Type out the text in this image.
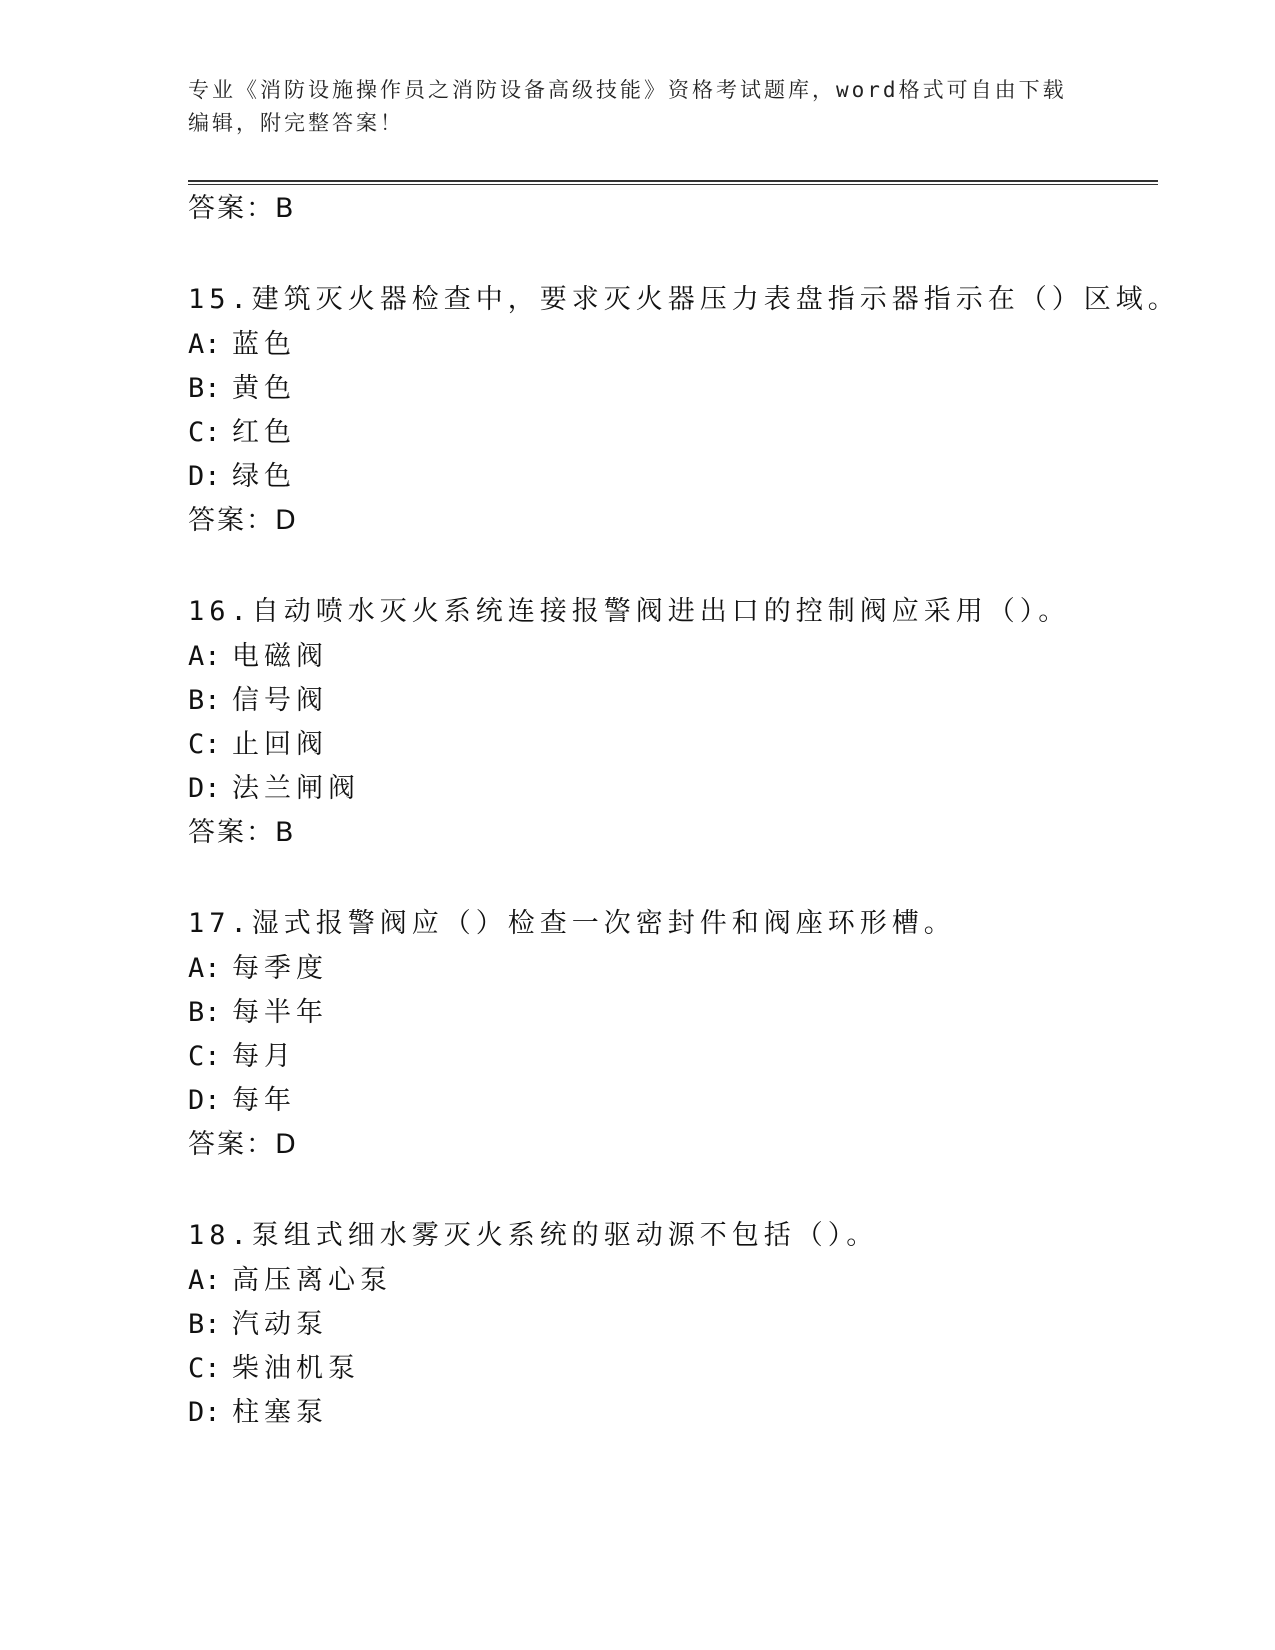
专业《消防设施操作员之消防设备高级技能》资格考试题库，word格式可自由下载编辑，附完整答案！
答案：B
15.建筑灭火器检查中，要求灭火器压力表盘指示器指示在（）区域。
A: 蓝色
B: 黄色
C: 红色
D: 绿色
答案：D
16.自动喷水灭火系统连接报警阀进出口的控制阀应采用（）。
A: 电磁阀
B: 信号阀
C: 止回阀
D: 法兰闸阀
答案：B
17.湿式报警阀应（）检查一次密封件和阀座环形槽。
A: 每季度
B: 每半年
C: 每月
D: 每年
答案：D
18.泵组式细水雾灭火系统的驱动源不包括（）。
A: 高压离心泵
B: 汽动泵
C: 柴油机泵
D: 柱塞泵
